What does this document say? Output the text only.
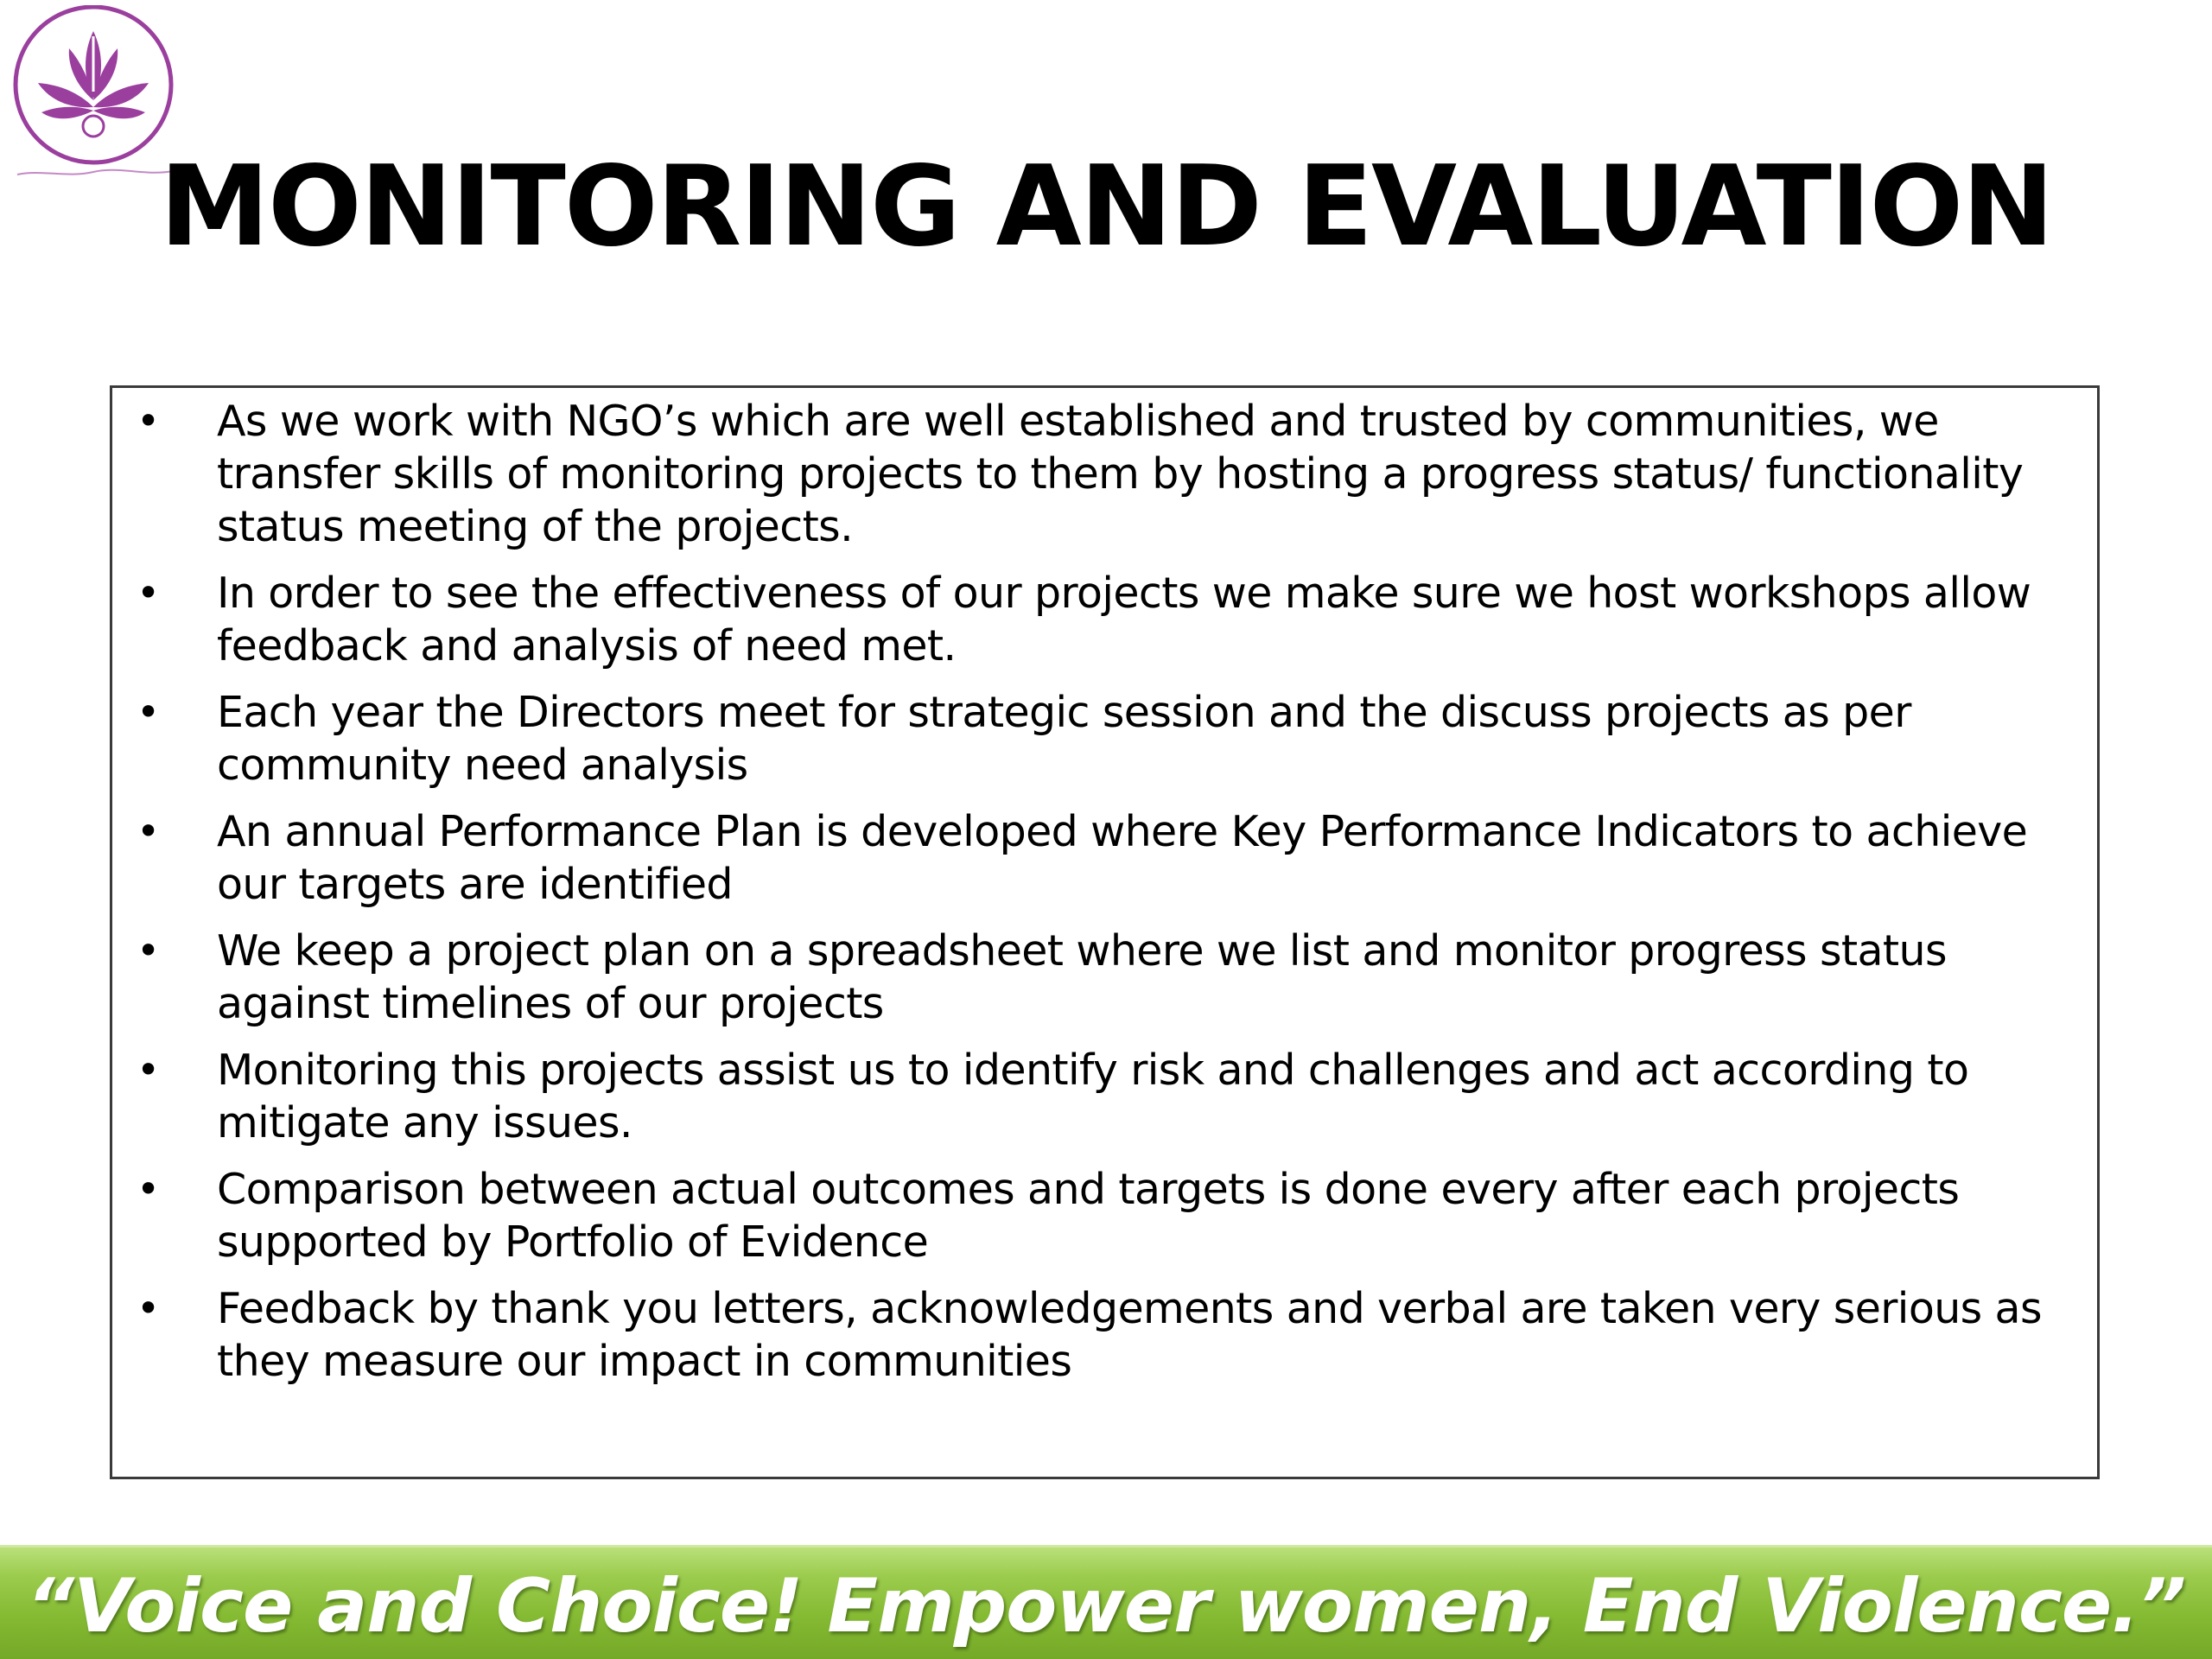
MONITORING AND EVALUATION
• As we work with NGO’s which are well established and trusted by communities, we transfer skills of monitoring projects to them by hosting a progress status/ functionality status meeting of the projects.
• In order to see the effectiveness of our projects we make sure we host workshops allow feedback and analysis of need met.
• Each year the Directors meet for strategic session and the discuss projects as per community need analysis
• An annual Performance Plan is developed where Key Performance Indicators to achieve our targets are identified
• We keep a project plan on a spreadsheet where we list and monitor progress status against timelines of our projects
• Monitoring this projects assist us to identify risk and challenges and act according to mitigate any issues.
• Comparison between actual outcomes and targets is done every after each projects supported by Portfolio of Evidence
• Feedback by thank you letters, acknowledgements and verbal are taken very serious as they measure our impact in communities
“Voice and Choice! Empower women, End Violence.”
